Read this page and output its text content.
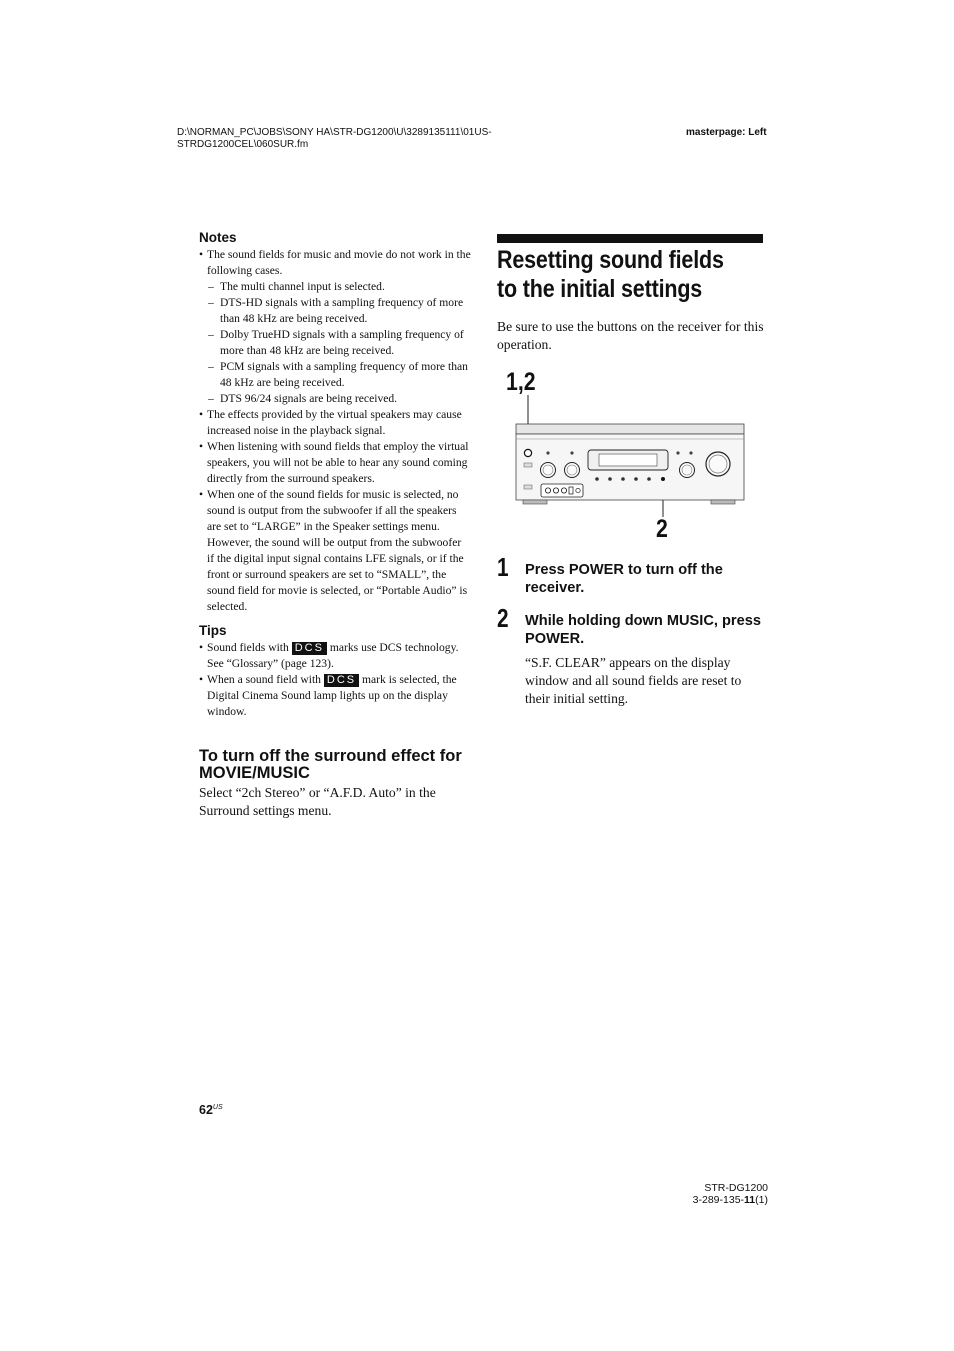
D:\NORMAN_PC\JOBS\SONY HA\STR-DG1200\U\3289135111\01US-
STRDG1200CEL\060SUR.fm
masterpage: Left
Notes
• The sound fields for music and movie do not work in the following cases.
– The multi channel input is selected.
– DTS-HD signals with a sampling frequency of more than 48 kHz are being received.
– Dolby TrueHD signals with a sampling frequency of more than 48 kHz are being received.
– PCM signals with a sampling frequency of more than 48 kHz are being received.
– DTS 96/24 signals are being received.
• The effects provided by the virtual speakers may cause increased noise in the playback signal.
• When listening with sound fields that employ the virtual speakers, you will not be able to hear any sound coming directly from the surround speakers.
• When one of the sound fields for music is selected, no sound is output from the subwoofer if all the speakers are set to “LARGE” in the Speaker settings menu. However, the sound will be output from the subwoofer if the digital input signal contains LFE signals, or if the front or surround speakers are set to “SMALL”, the sound field for movie is selected, or “Portable Audio” is selected.
Tips
• Sound fields with DCS marks use DCS technology. See “Glossary” (page 123).
• When a sound field with DCS mark is selected, the Digital Cinema Sound lamp lights up on the display window.
To turn off the surround effect for MOVIE/MUSIC

Select “2ch Stereo” or “A.F.D. Auto” in the Surround settings menu.

Resetting sound fields to the initial settings
Be sure to use the buttons on the receiver for this operation.
1,2
2
1 Press POWER to turn off the receiver.
2 While holding down MUSIC, press POWER.
“S.F. CLEAR” appears on the display window and all sound fields are reset to their initial setting.
$62^{US}$
STR-DG1200
3-289-135-11(1)
